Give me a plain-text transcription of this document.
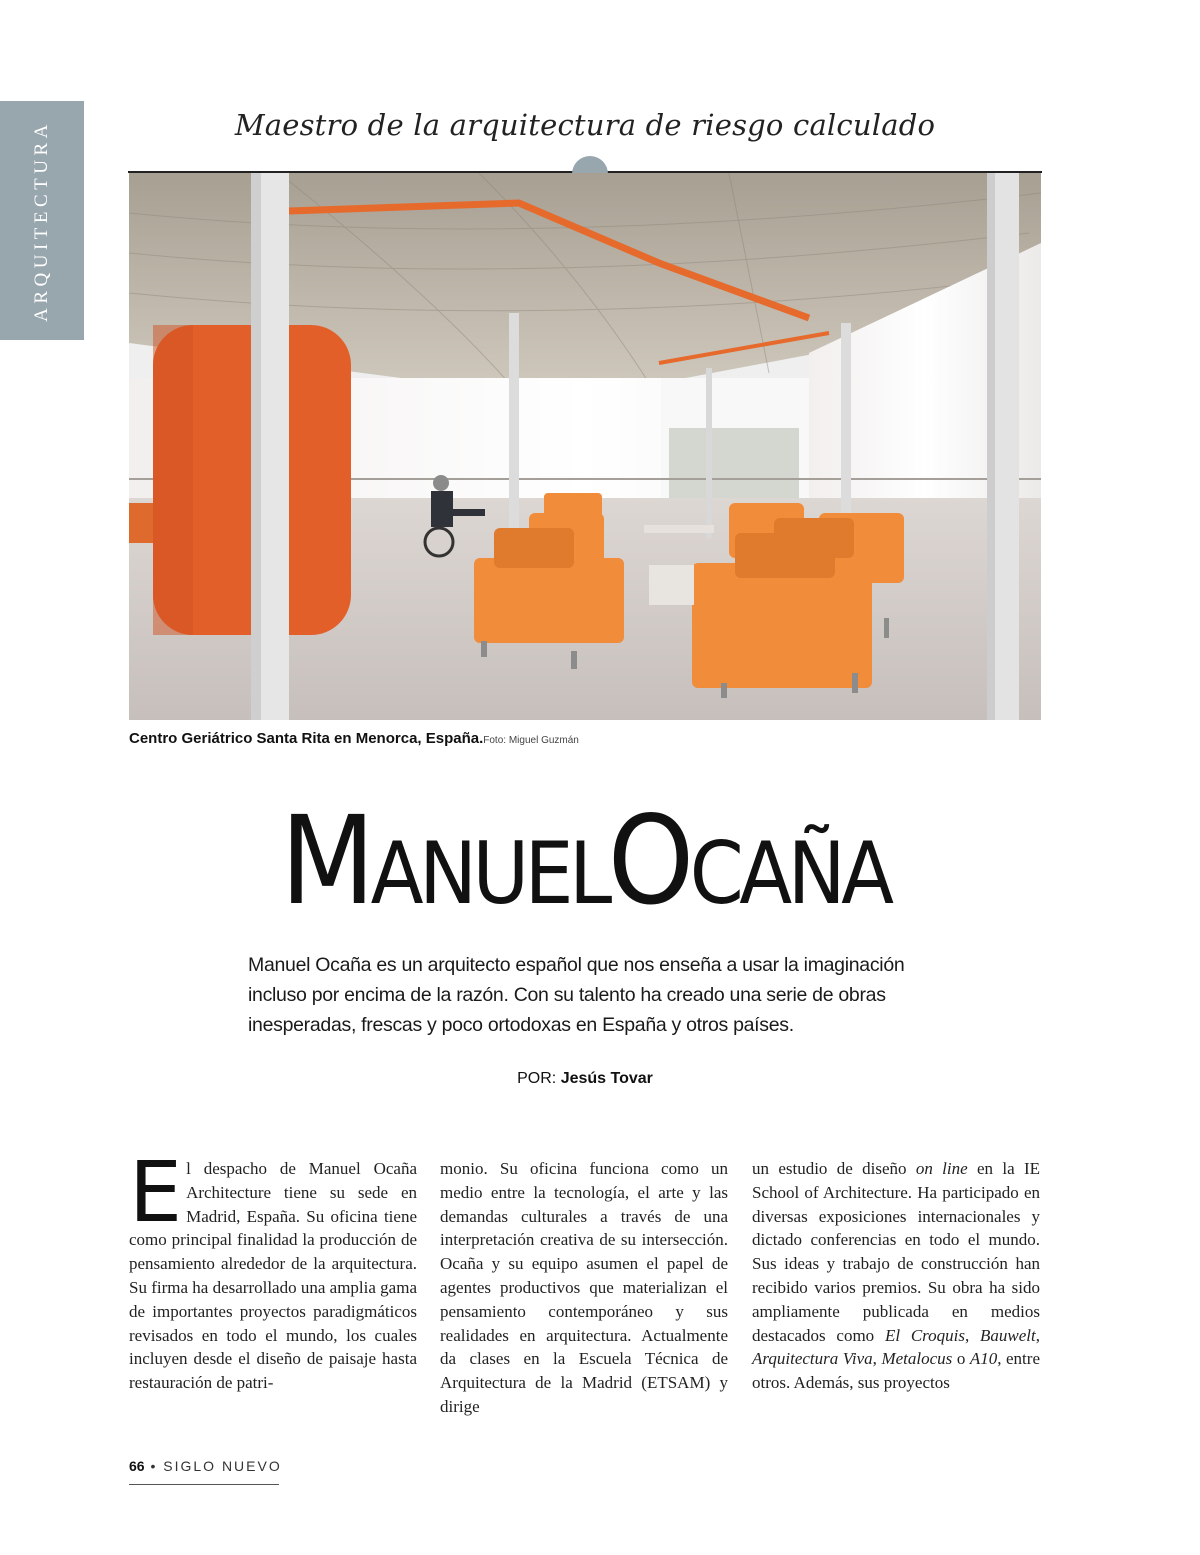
ARQUITECTURA	Maestro de la arquitectura de riesgo calculado
Centro Geriátrico Santa Rita en Menorca, España.Foto: Miguel Guzmán
MANUEL OCAÑA

Manuel Ocaña es un arquitecto español que nos enseña a usar la imaginación incluso por encima de la razón. Con su talento ha creado una serie de obras inesperadas, frescas y poco ortodoxas en España y otros países.

POR: Jesús Tovar

El despacho de Manuel Ocaña Architecture tiene su sede en Madrid, España. Su oficina tiene como principal finalidad la producción de pensamiento alrededor de la arquitectura. Su firma ha desarrollado una amplia gama de importantes proyectos paradigmáticos revisados en todo el mundo, los cuales incluyen desde el diseño de paisaje hasta restauración de patri-

monio. Su oficina funciona como un medio entre la tecnología, el arte y las demandas culturales a través de una interpretación creativa de su intersección. Ocaña y su equipo asumen el papel de agentes productivos que materializan el pensamiento contemporáneo y sus realidades en arquitectura. Actualmente da clases en la Escuela Técnica de Arquitectura de la Madrid (ETSAM) y dirige

un estudio de diseño on line en la IE School of Architecture. Ha participado en diversas exposiciones internacionales y dictado conferencias en todo el mundo. Sus ideas y trabajo de construcción han recibido varios premios. Su obra ha sido ampliamente publicada en medios destacados como El Croquis, Bauwelt, Arquitectura Viva, Metalocus o A10, entre otros. Además, sus proyectos

66 • SIGLO NUEVO
